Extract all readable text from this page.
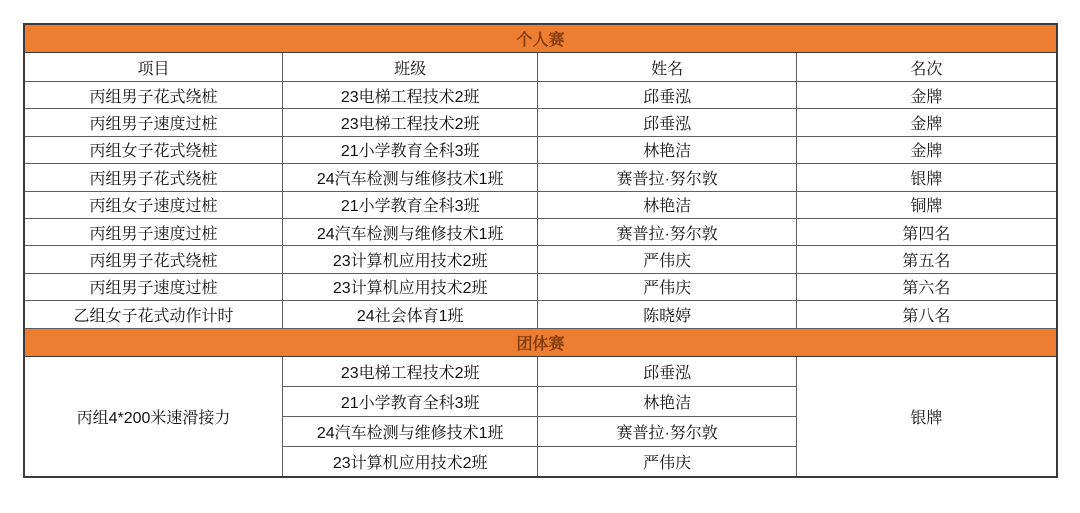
个人赛			
项目	班级	姓名	名次
丙组男子花式绕桩	23电梯工程技术2班	邱垂泓	金牌
丙组男子速度过桩	23电梯工程技术2班	邱垂泓	金牌
丙组女子花式绕桩	21小学教育全科3班	林艳洁	金牌
丙组男子花式绕桩	24汽车检测与维修技术1班	赛普拉·努尔敦	银牌
丙组女子速度过桩	21小学教育全科3班	林艳洁	铜牌
丙组男子速度过桩	24汽车检测与维修技术1班	赛普拉·努尔敦	第四名
丙组男子花式绕桩	23计算机应用技术2班	严伟庆	第五名
丙组男子速度过桩	23计算机应用技术2班	严伟庆	第六名
乙组女子花式动作计时	24社会体育1班	陈晓婷	第八名
团体赛			
丙组4*200米速滑接力	23电梯工程技术2班	邱垂泓	银牌
	21小学教育全科3班	林艳洁	
	24汽车检测与维修技术1班	赛普拉·努尔敦	
	23计算机应用技术2班	严伟庆	
